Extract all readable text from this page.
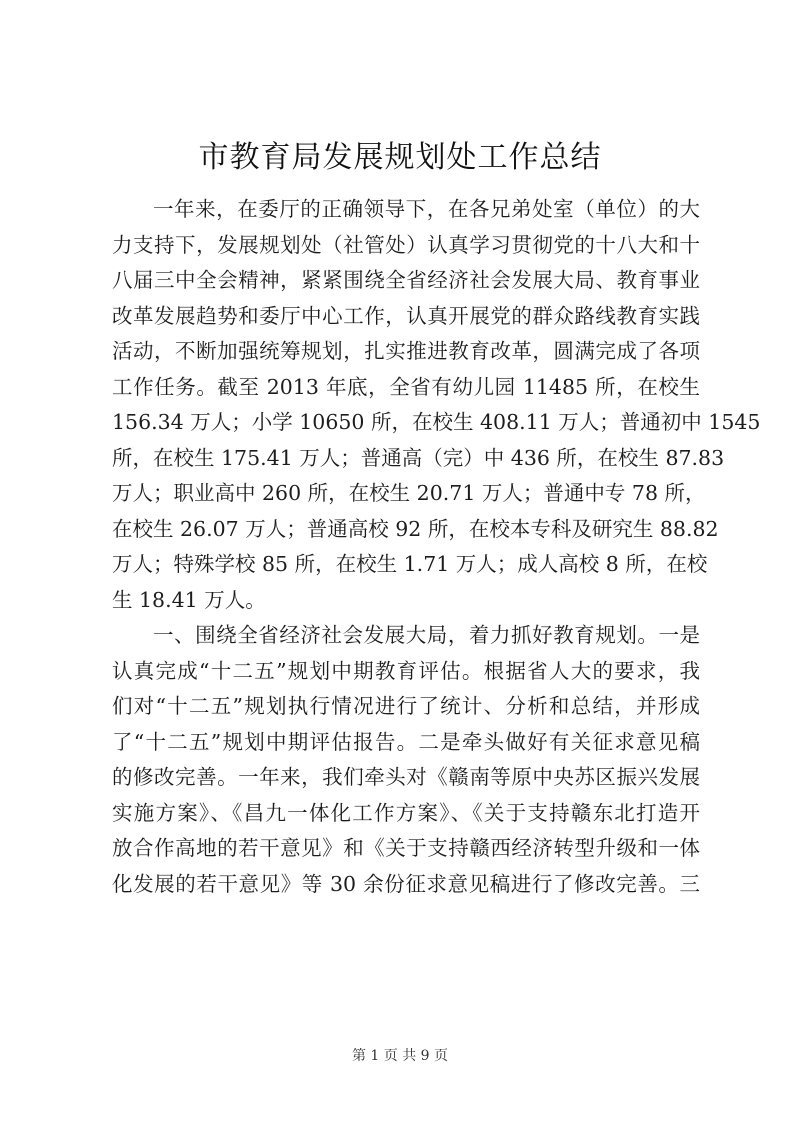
市教育局发展规划处工作总结
一年来，在委厅的正确领导下，在各兄弟处室（单位）的大
力支持下，发展规划处（社管处）认真学习贯彻党的十八大和十
八届三中全会精神，紧紧围绕全省经济社会发展大局、教育事业
改革发展趋势和委厅中心工作，认真开展党的群众路线教育实践
活动，不断加强统筹规划，扎实推进教育改革，圆满完成了各项
工作任务。截至 2013 年底，全省有幼儿园 11485 所，在校生
156.34 万人；小学 10650 所，在校生 408.11 万人；普通初中 1545
所，在校生 175.41 万人；普通高（完）中 436 所，在校生 87.83
万人；职业高中 260 所，在校生 20.71 万人；普通中专 78 所，
在校生 26.07 万人；普通高校 92 所，在校本专科及研究生 88.82
万人；特殊学校 85 所，在校生 1.71 万人；成人高校 8 所，在校
生 18.41 万人。
一、围绕全省经济社会发展大局，着力抓好教育规划。一是
认真完成“十二五”规划中期教育评估。根据省人大的要求，我
们对“十二五”规划执行情况进行了统计、分析和总结，并形成
了“十二五”规划中期评估报告。二是牵头做好有关征求意见稿
的修改完善。一年来，我们牵头对《赣南等原中央苏区振兴发展
实施方案》、《昌九一体化工作方案》、《关于支持赣东北打造开
放合作高地的若干意见》和《关于支持赣西经济转型升级和一体
化发展的若干意见》等 30 余份征求意见稿进行了修改完善。三
第 1 页 共 9 页
